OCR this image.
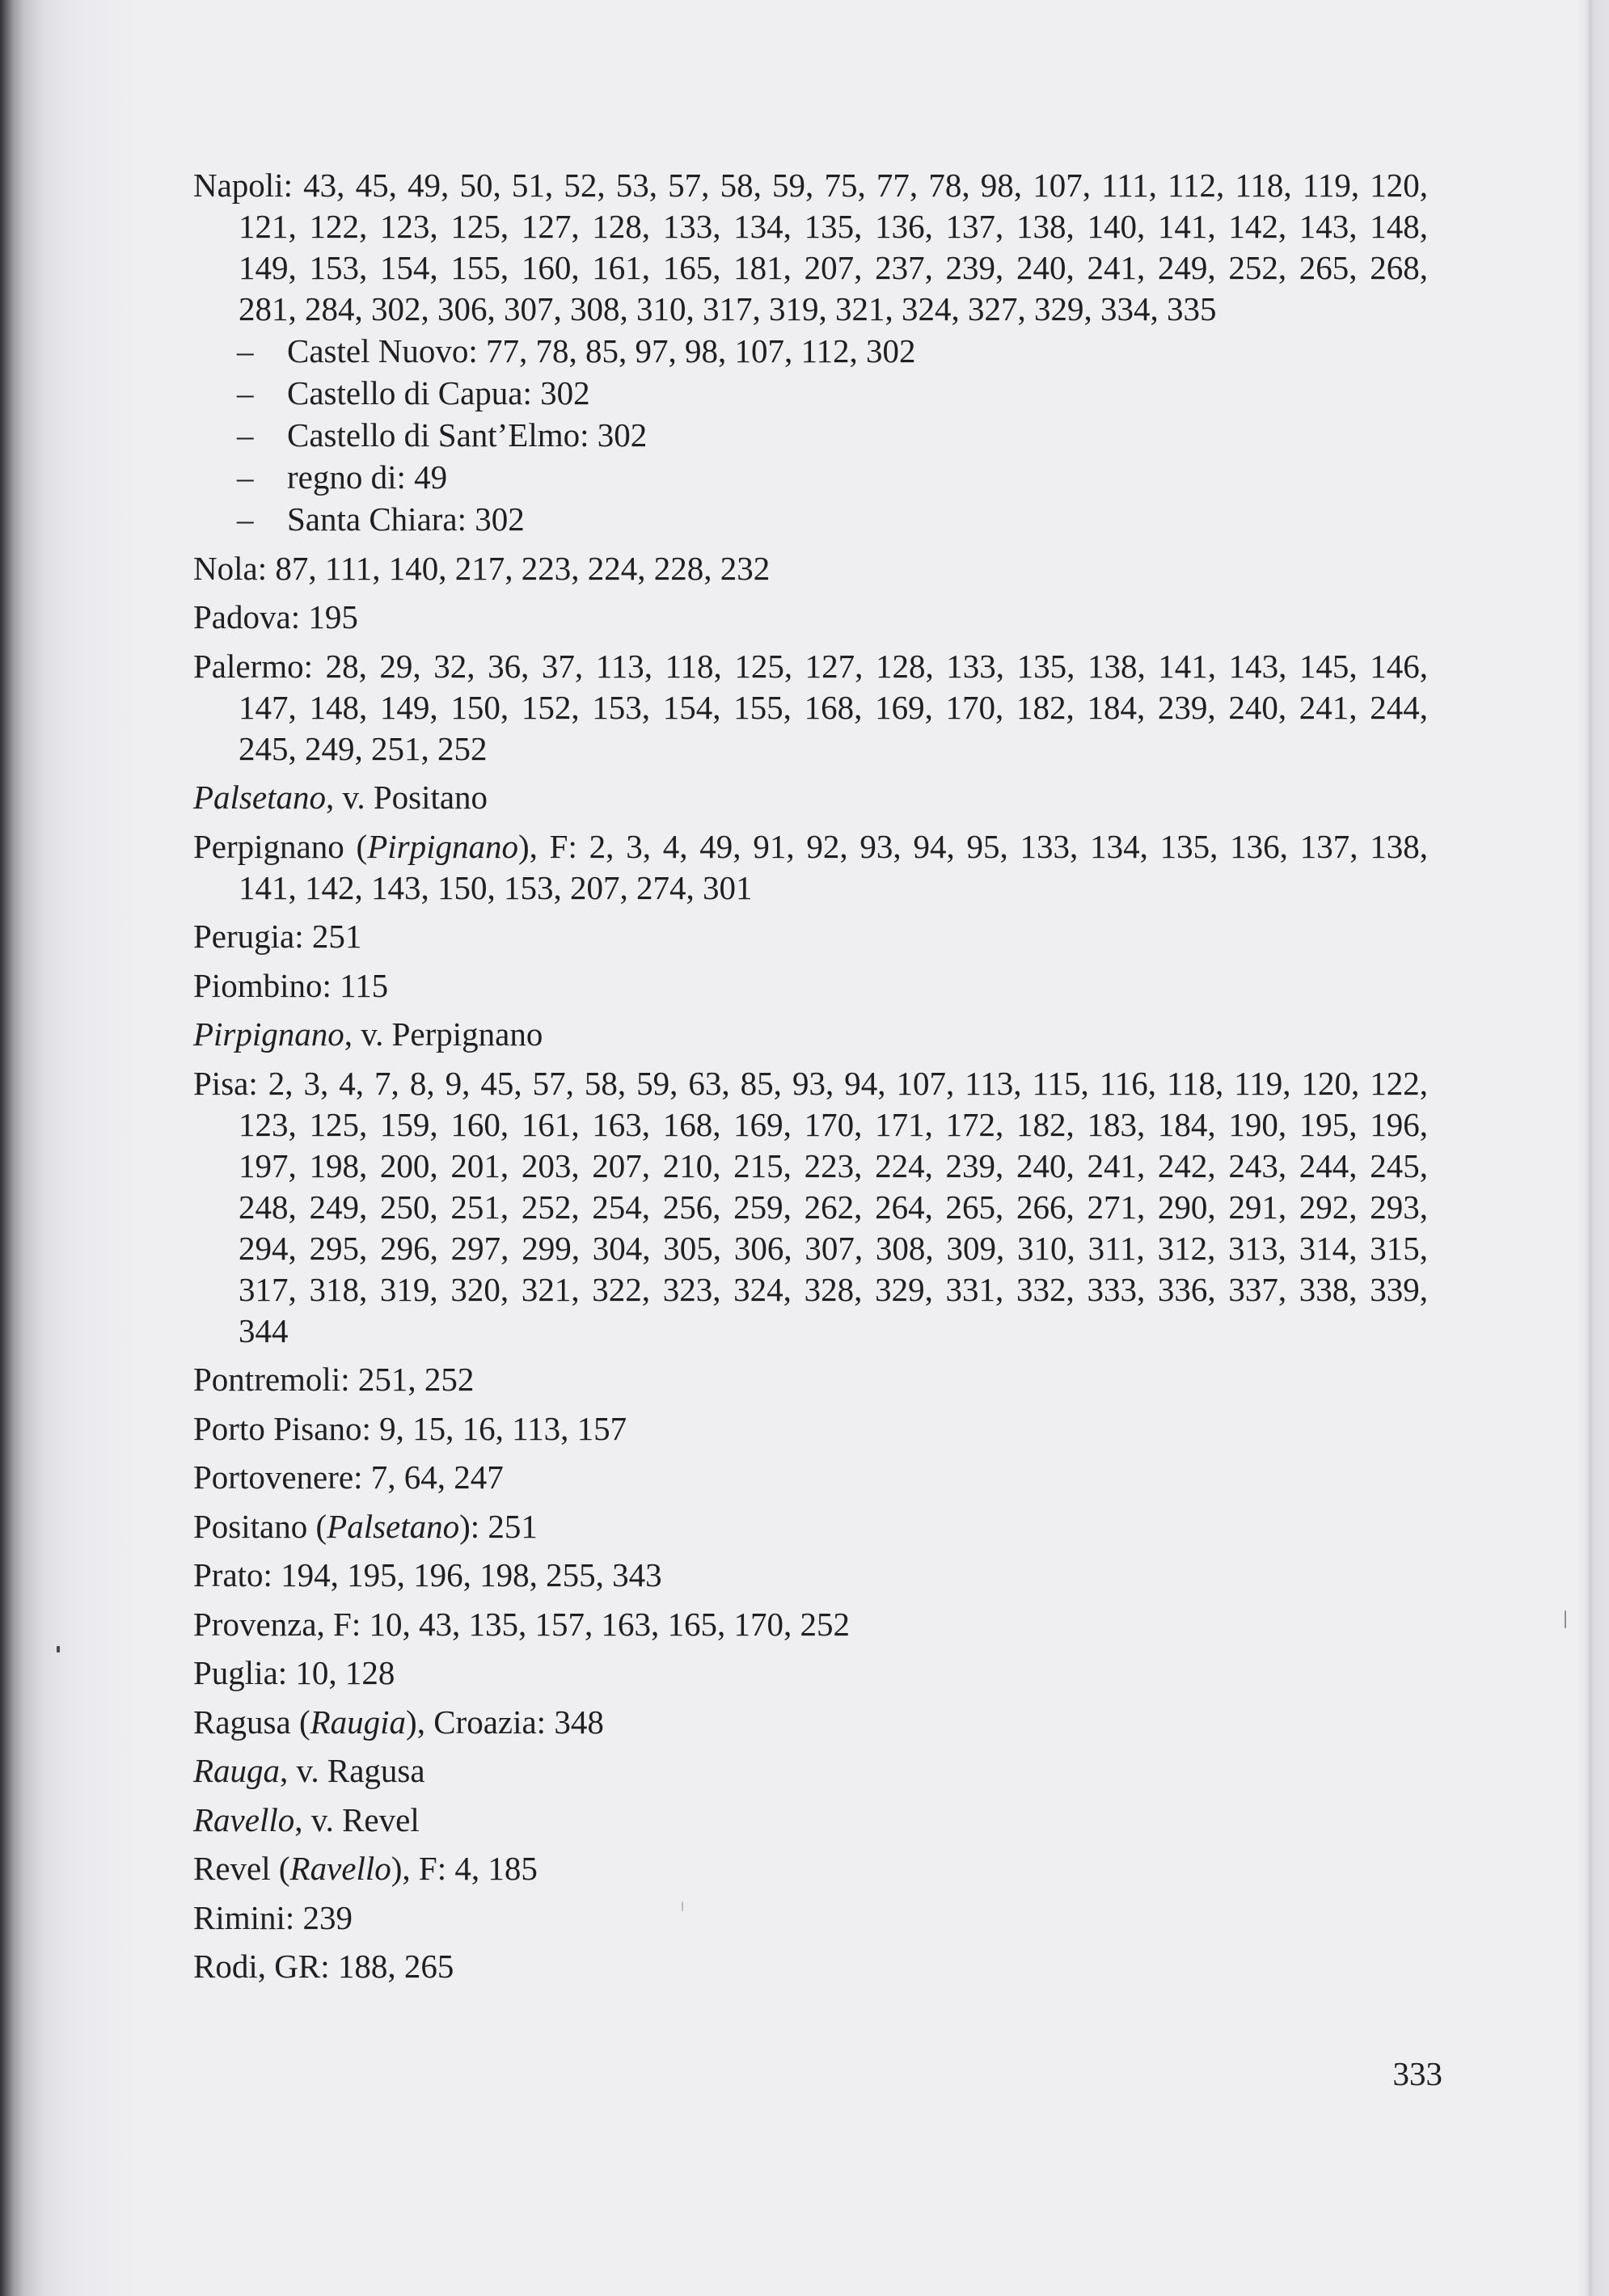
Napoli: 43, 45, 49, 50, 51, 52, 53, 57, 58, 59, 75, 77, 78, 98, 107, 111, 112, 118, 119, 120,
121, 122, 123, 125, 127, 128, 133, 134, 135, 136, 137, 138, 140, 141, 142, 143, 148,
149, 153, 154, 155, 160, 161, 165, 181, 207, 237, 239, 240, 241, 249, 252, 265, 268,
281, 284, 302, 306, 307, 308, 310, 317, 319, 321, 324, 327, 329, 334, 335
– Castel Nuovo: 77, 78, 85, 97, 98, 107, 112, 302
– Castello di Capua: 302
– Castello di Sant’Elmo: 302
– regno di: 49
– Santa Chiara: 302
Nola: 87, 111, 140, 217, 223, 224, 228, 232
Padova: 195
Palermo: 28, 29, 32, 36, 37, 113, 118, 125, 127, 128, 133, 135, 138, 141, 143, 145, 146,
147, 148, 149, 150, 152, 153, 154, 155, 168, 169, 170, 182, 184, 239, 240, 241, 244,
245, 249, 251, 252
Palsetano, v. Positano
Perpignano (Pirpignano), F: 2, 3, 4, 49, 91, 92, 93, 94, 95, 133, 134, 135, 136, 137, 138,
141, 142, 143, 150, 153, 207, 274, 301
Perugia: 251
Piombino: 115
Pirpignano, v. Perpignano
Pisa: 2, 3, 4, 7, 8, 9, 45, 57, 58, 59, 63, 85, 93, 94, 107, 113, 115, 116, 118, 119, 120, 122,
123, 125, 159, 160, 161, 163, 168, 169, 170, 171, 172, 182, 183, 184, 190, 195, 196,
197, 198, 200, 201, 203, 207, 210, 215, 223, 224, 239, 240, 241, 242, 243, 244, 245,
248, 249, 250, 251, 252, 254, 256, 259, 262, 264, 265, 266, 271, 290, 291, 292, 293,
294, 295, 296, 297, 299, 304, 305, 306, 307, 308, 309, 310, 311, 312, 313, 314, 315,
317, 318, 319, 320, 321, 322, 323, 324, 328, 329, 331, 332, 333, 336, 337, 338, 339,
344
Pontremoli: 251, 252
Porto Pisano: 9, 15, 16, 113, 157
Portovenere: 7, 64, 247
Positano (Palsetano): 251
Prato: 194, 195, 196, 198, 255, 343
Provenza, F: 10, 43, 135, 157, 163, 165, 170, 252
Puglia: 10, 128
Ragusa (Raugia), Croazia: 348
Rauga, v. Ragusa
Ravello, v. Revel
Revel (Ravello), F: 4, 185
Rimini: 239
Rodi, GR: 188, 265
333
